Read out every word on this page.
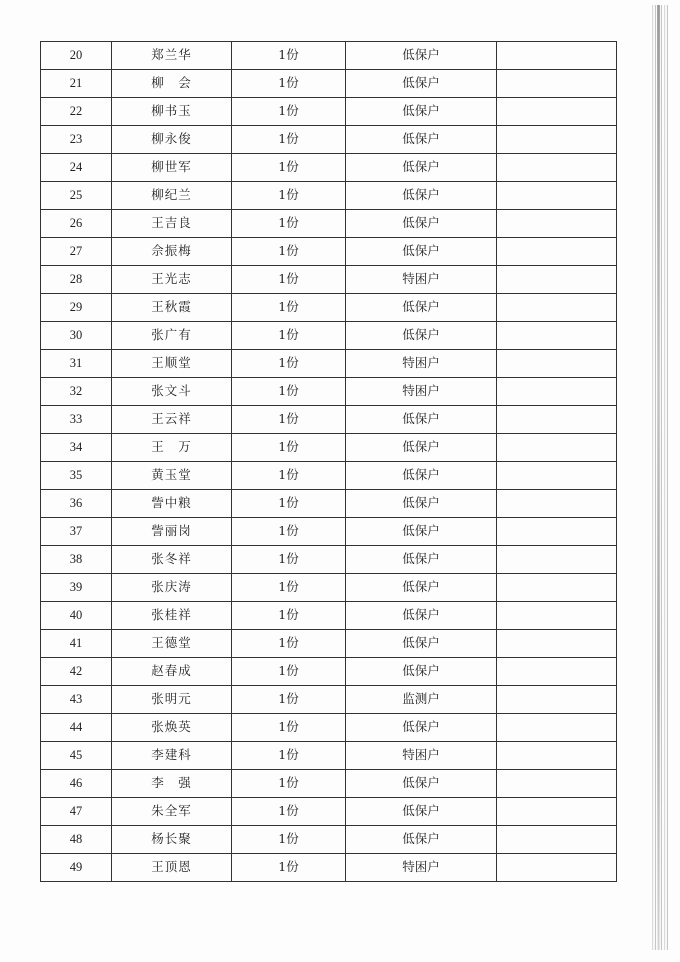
20	郑兰华	1份	低保户	
21	柳　会	1份	低保户	
22	柳书玉	1份	低保户	
23	柳永俊	1份	低保户	
24	柳世军	1份	低保户	
25	柳纪兰	1份	低保户	
26	王吉良	1份	低保户	
27	佘振梅	1份	低保户	
28	王光志	1份	特困户	
29	王秋霞	1份	低保户	
30	张广有	1份	低保户	
31	王顺堂	1份	特困户	
32	张文斗	1份	特困户	
33	王云祥	1份	低保户	
34	王　万	1份	低保户	
35	黄玉堂	1份	低保户	
36	訾中粮	1份	低保户	
37	訾丽岗	1份	低保户	
38	张冬祥	1份	低保户	
39	张庆涛	1份	低保户	
40	张桂祥	1份	低保户	
41	王德堂	1份	低保户	
42	赵春成	1份	低保户	
43	张明元	1份	监测户	
44	张焕英	1份	低保户	
45	李建科	1份	特困户	
46	李　强	1份	低保户	
47	朱全军	1份	低保户	
48	杨长聚	1份	低保户	
49	王顶恩	1份	特困户	
